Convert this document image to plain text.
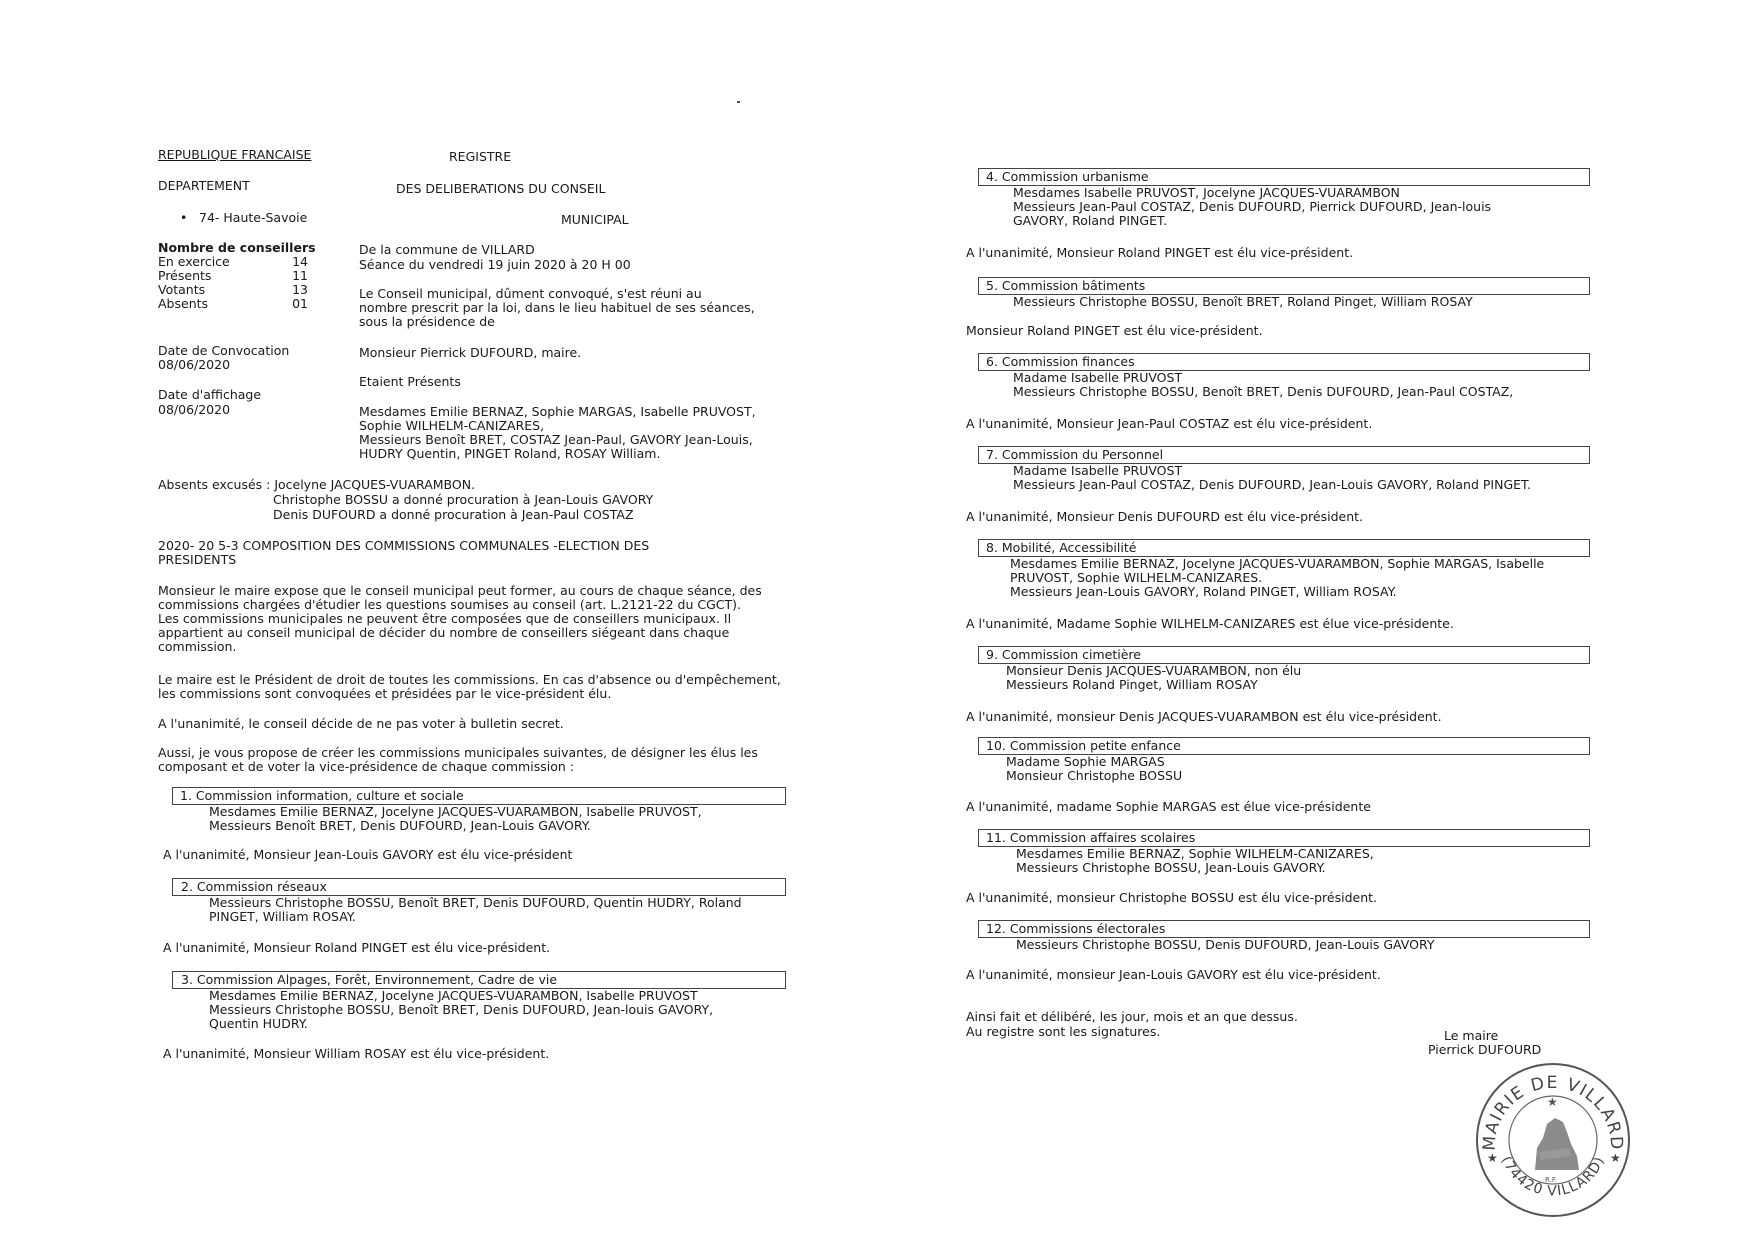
REPUBLIQUE FRANCAISE	REGISTRE
DEPARTEMENT	DES DELIBERATIONS DU CONSEIL
• 74- Haute-Savoie	MUNICIPAL
Nombre de conseillers
En exercice	14
Présents	11
Votants	13
Absents	01
De la commune de VILLARD
Séance du vendredi 19 juin 2020 à 20 H 00
Le Conseil municipal, dûment convoqué, s'est réuni au
nombre prescrit par la loi, dans le lieu habituel de ses séances,
sous la présidence de
Date de Convocation
08/06/2020
Monsieur Pierrick DUFOURD, maire.
Etaient Présents
Date d'affichage
08/06/2020	Mesdames Emilie BERNAZ, Sophie MARGAS, Isabelle PRUVOST,
Sophie WILHELM-CANIZARES,
Messieurs Benoît BRET, COSTAZ Jean-Paul, GAVORY Jean-Louis,
HUDRY Quentin, PINGET Roland, ROSAY William.
Absents excusés : Jocelyne JACQUES-VUARAMBON.
Christophe BOSSU a donné procuration à Jean-Louis GAVORY
Denis DUFOURD a donné procuration à Jean-Paul COSTAZ
2020- 20 5-3 COMPOSITION DES COMMISSIONS COMMUNALES -ELECTION DES
PRESIDENTS
Monsieur le maire expose que le conseil municipal peut former, au cours de chaque séance, des
commissions chargées d'étudier les questions soumises au conseil (art. L.2121-22 du CGCT).
Les commissions municipales ne peuvent être composées que de conseillers municipaux. Il
appartient au conseil municipal de décider du nombre de conseillers siégeant dans chaque
commission.
Le maire est le Président de droit de toutes les commissions. En cas d'absence ou d'empêchement,
les commissions sont convoquées et présidées par le vice-président élu.
A l'unanimité, le conseil décide de ne pas voter à bulletin secret.
Aussi, je vous propose de créer les commissions municipales suivantes, de désigner les élus les
composant et de voter la vice-présidence de chaque commission :
1. Commission information, culture et sociale
Mesdames Emilie BERNAZ, Jocelyne JACQUES-VUARAMBON, Isabelle PRUVOST,
Messieurs Benoît BRET, Denis DUFOURD, Jean-Louis GAVORY.
A l'unanimité, Monsieur Jean-Louis GAVORY est élu vice-président
2. Commission réseaux
Messieurs Christophe BOSSU, Benoît BRET, Denis DUFOURD, Quentin HUDRY, Roland
PINGET, William ROSAY.
A l'unanimité, Monsieur Roland PINGET est élu vice-président.
3. Commission Alpages, Forêt, Environnement, Cadre de vie
Mesdames Emilie BERNAZ, Jocelyne JACQUES-VUARAMBON, Isabelle PRUVOST
Messieurs Christophe BOSSU, Benoît BRET, Denis DUFOURD, Jean-louis GAVORY,
Quentin HUDRY.
A l'unanimité, Monsieur William ROSAY est élu vice-président.
4. Commission urbanisme
Mesdames Isabelle PRUVOST, Jocelyne JACQUES-VUARAMBON
Messieurs Jean-Paul COSTAZ, Denis DUFOURD, Pierrick DUFOURD, Jean-louis
GAVORY, Roland PINGET.
A l'unanimité, Monsieur Roland PINGET est élu vice-président.
5. Commission bâtiments
Messieurs Christophe BOSSU, Benoît BRET, Roland Pinget, William ROSAY
Monsieur Roland PINGET est élu vice-président.
6. Commission finances
Madame Isabelle PRUVOST
Messieurs Christophe BOSSU, Benoît BRET, Denis DUFOURD, Jean-Paul COSTAZ,
A l'unanimité, Monsieur Jean-Paul COSTAZ est élu vice-président.
7. Commission du Personnel
Madame Isabelle PRUVOST
Messieurs Jean-Paul COSTAZ, Denis DUFOURD, Jean-Louis GAVORY, Roland PINGET.
A l'unanimité, Monsieur Denis DUFOURD est élu vice-président.
8. Mobilité, Accessibilité
Mesdames Emilie BERNAZ, Jocelyne JACQUES-VUARAMBON, Sophie MARGAS, Isabelle
PRUVOST, Sophie WILHELM-CANIZARES.
Messieurs Jean-Louis GAVORY, Roland PINGET, William ROSAY.
A l'unanimité, Madame Sophie WILHELM-CANIZARES est élue vice-présidente.
9. Commission cimetière
Monsieur Denis JACQUES-VUARAMBON, non élu
Messieurs Roland Pinget, William ROSAY
A l'unanimité, monsieur Denis JACQUES-VUARAMBON est élu vice-président.
10. Commission petite enfance
Madame Sophie MARGAS
Monsieur Christophe BOSSU
A l'unanimité, madame Sophie MARGAS est élue vice-présidente
11. Commission affaires scolaires
Mesdames Emilie BERNAZ, Sophie WILHELM-CANIZARES,
Messieurs Christophe BOSSU, Jean-Louis GAVORY.
A l'unanimité, monsieur Christophe BOSSU est élu vice-président.
12. Commissions électorales
Messieurs Christophe BOSSU, Denis DUFOURD, Jean-Louis GAVORY
A l'unanimité, monsieur Jean-Louis GAVORY est élu vice-président.
Ainsi fait et délibéré, les jour, mois et an que dessus.
Au registre sont les signatures.	Le maire
Pierrick DUFOURD
MAIRIE DE VILLARD
(74420 VILLARD)
★	★
★
R.F.
